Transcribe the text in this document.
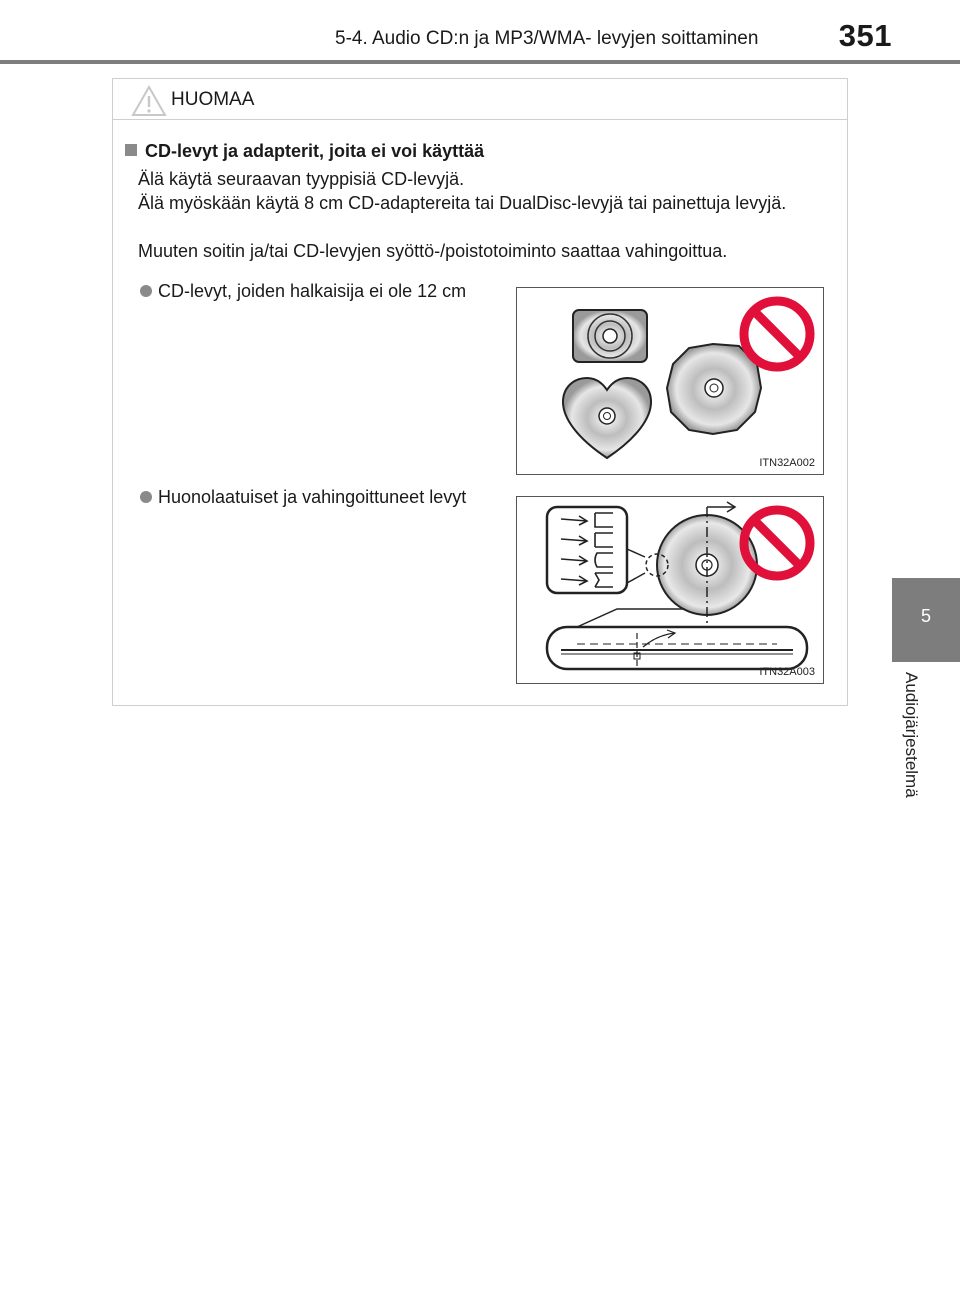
5-4. Audio CD:n ja MP3/WMA- levyjen soittaminen	351
5
Audiojärjestelmä
HUOMAA
CD-levyt ja adapterit, joita ei voi käyttää
Älä käytä seuraavan tyyppisiä CD-levyjä.
Älä myöskään käytä 8 cm CD-adaptereita tai DualDisc-levyjä tai painettuja levyjä.
Muuten soitin ja/tai CD-levyjen syöttö-/poistotoiminto saattaa vahingoittua.
CD-levyt, joiden halkaisija ei ole 12 cm
ITN32A002
Huonolaatuiset ja vahingoittuneet levyt
ITN32A003
